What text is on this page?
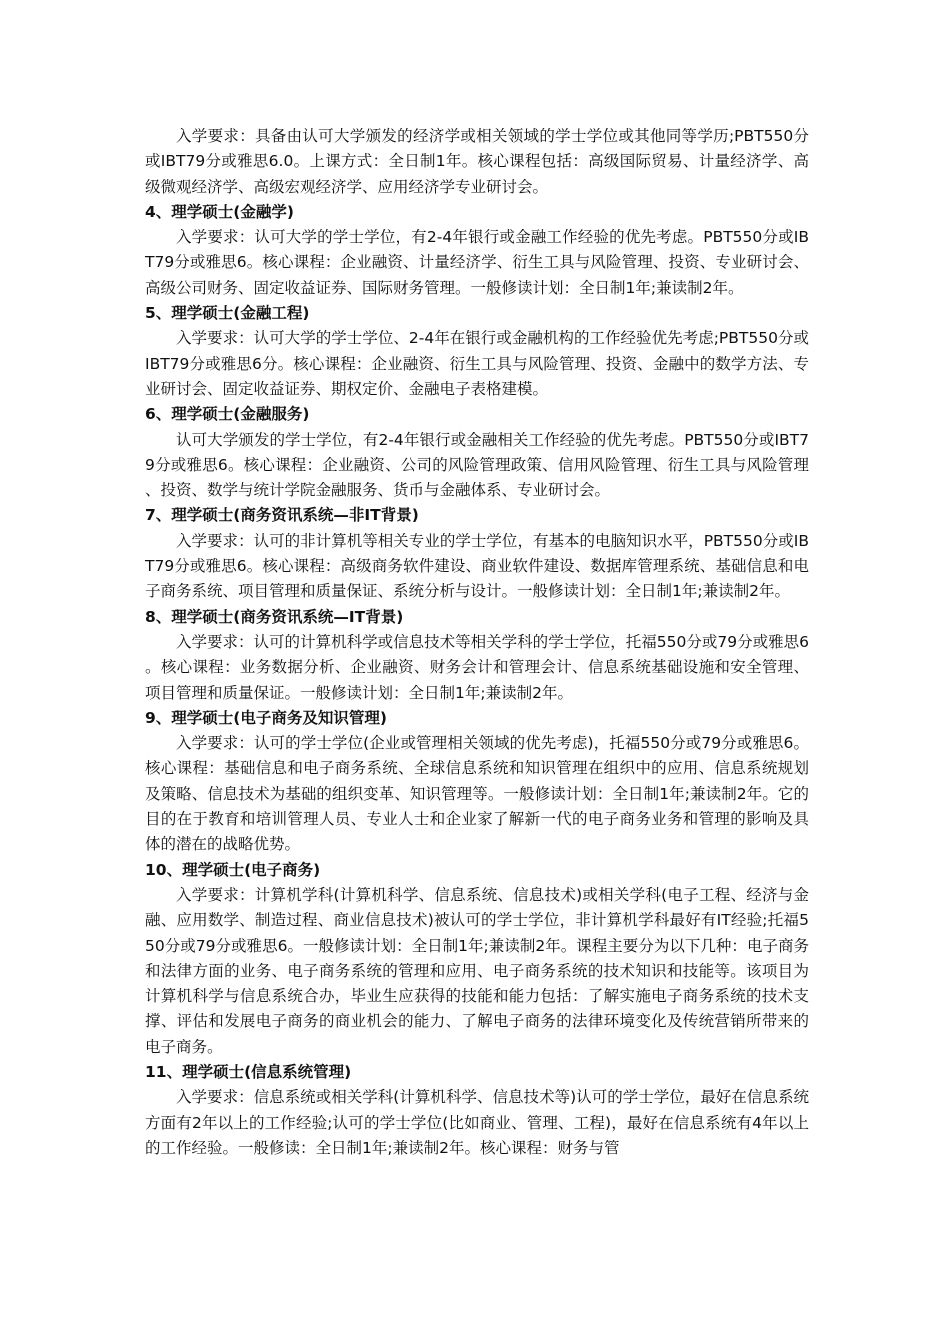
入学要求：具备由认可大学颁发的经济学或相关领域的学士学位或其他同等学历;PBT550分或IBT79分或雅思6.0。上课方式：全日制1年。核心课程包括：高级国际贸易、计量经济学、高级微观经济学、高级宏观经济学、应用经济学专业研讨会。

4、理学硕士(金融学)

入学要求：认可大学的学士学位，有2-4年银行或金融工作经验的优先考虑。PBT550分或IBT79分或雅思6。核心课程：企业融资、计量经济学、衍生工具与风险管理、投资、专业研讨会、高级公司财务、固定收益证券、国际财务管理。一般修读计划：全日制1年;兼读制2年。

5、理学硕士(金融工程)

入学要求：认可大学的学士学位、2-4年在银行或金融机构的工作经验优先考虑;PBT550分或IBT79分或雅思6分。核心课程：企业融资、衍生工具与风险管理、投资、金融中的数学方法、专业研讨会、固定收益证券、期权定价、金融电子表格建模。

6、理学硕士(金融服务)

认可大学颁发的学士学位，有2-4年银行或金融相关工作经验的优先考虑。PBT550分或IBT79分或雅思6。核心课程：企业融资、公司的风险管理政策、信用风险管理、衍生工具与风险管理、投资、数学与统计学院金融服务、货币与金融体系、专业研讨会。

7、理学硕士(商务资讯系统—非IT背景)

入学要求：认可的非计算机等相关专业的学士学位，有基本的电脑知识水平，PBT550分或IBT79分或雅思6。核心课程：高级商务软件建设、商业软件建设、数据库管理系统、基础信息和电子商务系统、项目管理和质量保证、系统分析与设计。一般修读计划：全日制1年;兼读制2年。

8、理学硕士(商务资讯系统—IT背景)

入学要求：认可的计算机科学或信息技术等相关学科的学士学位，托福550分或79分或雅思6。核心课程：业务数据分析、企业融资、财务会计和管理会计、信息系统基础设施和安全管理、项目管理和质量保证。一般修读计划：全日制1年;兼读制2年。

9、理学硕士(电子商务及知识管理)

入学要求：认可的学士学位(企业或管理相关领域的优先考虑)，托福550分或79分或雅思6。核心课程：基础信息和电子商务系统、全球信息系统和知识管理在组织中的应用、信息系统规划及策略、信息技术为基础的组织变革、知识管理等。一般修读计划：全日制1年;兼读制2年。它的目的在于教育和培训管理人员、专业人士和企业家了解新一代的电子商务业务和管理的影响及具体的潜在的战略优势。

10、理学硕士(电子商务)

入学要求：计算机学科(计算机科学、信息系统、信息技术)或相关学科(电子工程、经济与金融、应用数学、制造过程、商业信息技术)被认可的学士学位，非计算机学科最好有IT经验;托福550分或79分或雅思6。一般修读计划：全日制1年;兼读制2年。课程主要分为以下几种：电子商务和法律方面的业务、电子商务系统的管理和应用、电子商务系统的技术知识和技能等。该项目为计算机科学与信息系统合办，毕业生应获得的技能和能力包括：了解实施电子商务系统的技术支撑、评估和发展电子商务的商业机会的能力、了解电子商务的法律环境变化及传统营销所带来的电子商务。

11、理学硕士(信息系统管理)

入学要求：信息系统或相关学科(计算机科学、信息技术等)认可的学士学位，最好在信息系统方面有2年以上的工作经验;认可的学士学位(比如商业、管理、工程)，最好在信息系统有4年以上的工作经验。一般修读：全日制1年;兼读制2年。核心课程：财务与管
